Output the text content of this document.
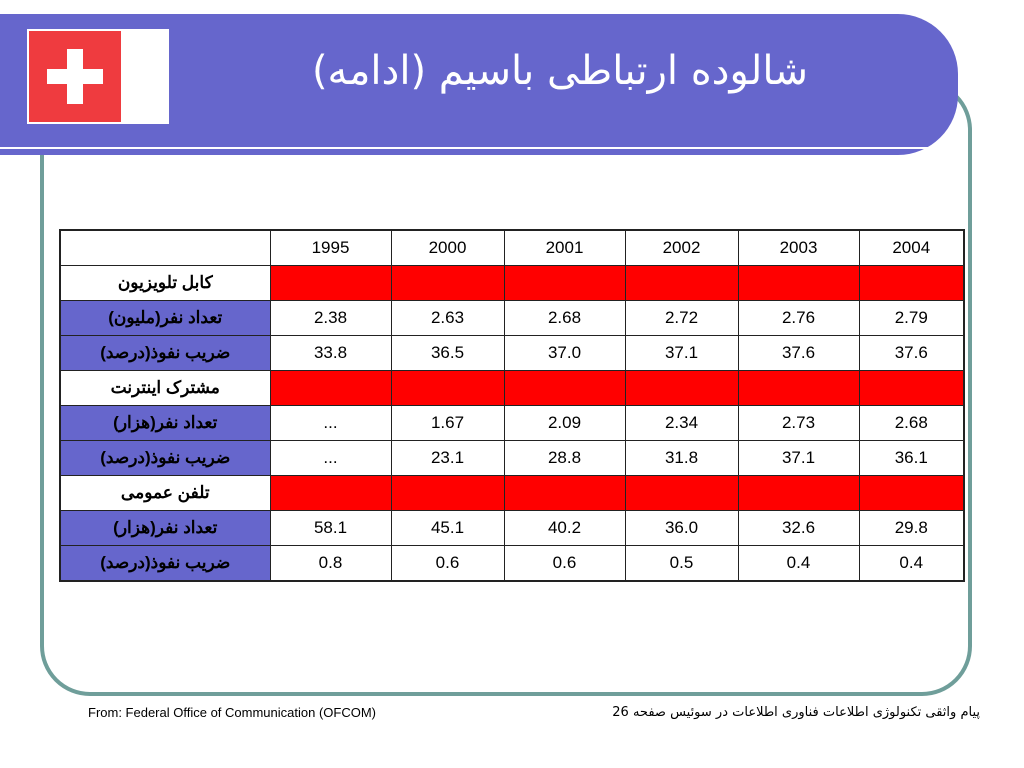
شالوده ارتباطی باسیم (ادامه)
	1995	2000	2001	2002	2003	2004
کابل تلویزیون						
تعداد نفر(ملیون)	2.38	2.63	2.68	2.72	2.76	2.79
ضریب نفوذ(درصد)	33.8	36.5	37.0	37.1	37.6	37.6
مشترک اینترنت						
تعداد نفر(هزار)	...	1.67	2.09	2.34	2.73	2.68
ضریب نفوذ(درصد)	...	23.1	28.8	31.8	37.1	36.1
تلفن عمومی						
تعداد نفر(هزار)	58.1	45.1	40.2	36.0	32.6	29.8
ضریب نفوذ(درصد)	0.8	0.6	0.6	0.5	0.4	0.4
From: Federal Office of Communication (OFCOM)	پیام واثقی تکنولوژی اطلاعات فناوری اطلاعات در سوئیس صفحه 26
